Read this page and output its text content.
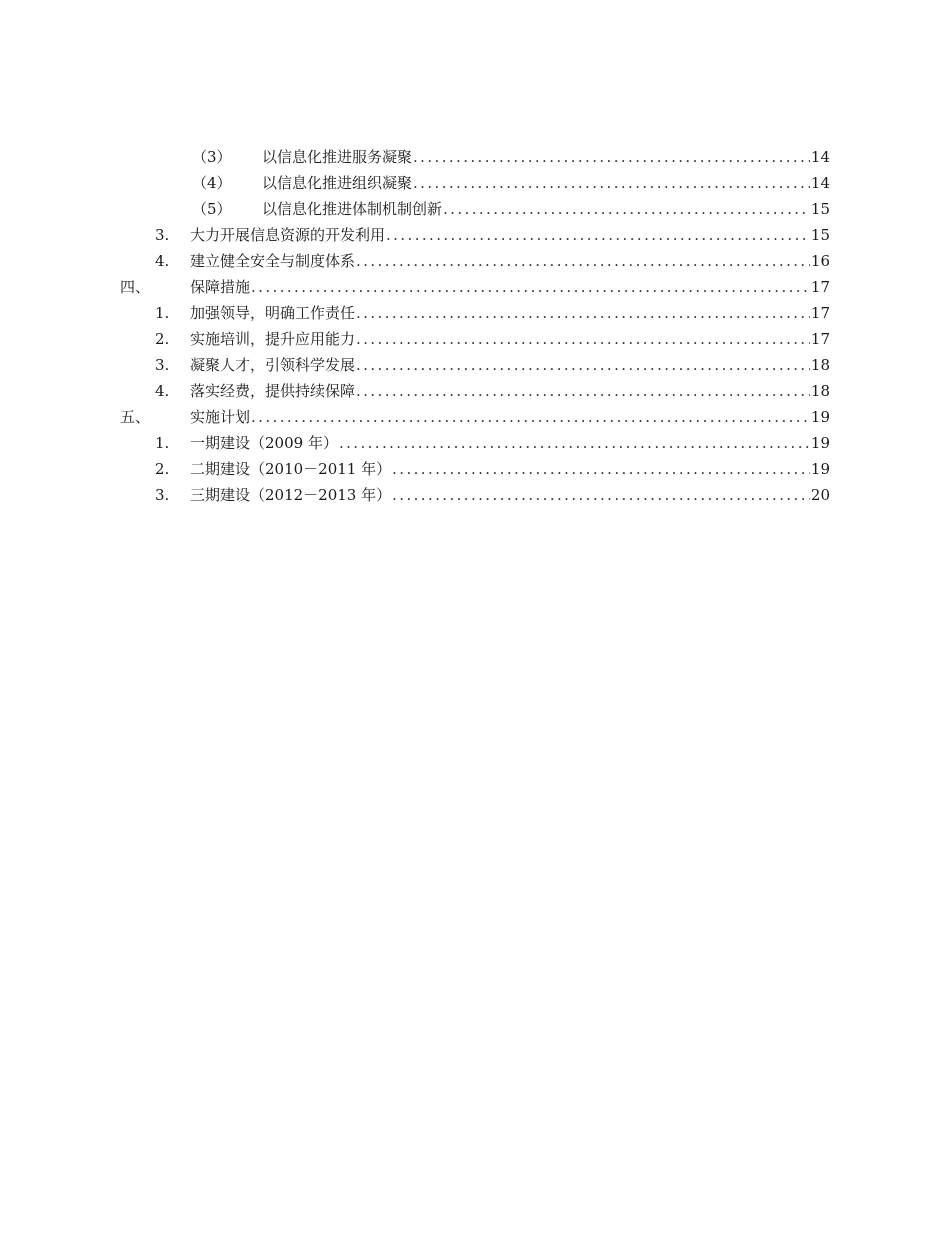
（3） 以信息化推进服务凝聚 .....	14
（4） 以信息化推进组织凝聚 .....	14
（5） 以信息化推进体制机制创新 .....	15
3. 大力开展信息资源的开发利用 .....	15
4. 建立健全安全与制度体系 .....	16
四、	保障措施 .....	17
1. 加强领导，明确工作责任 .....	17
2. 实施培训，提升应用能力 .....	17
3. 凝聚人才，引领科学发展 .....	18
4. 落实经费，提供持续保障 .....	18
五、	实施计划 .....	19
1. 一期建设（2009 年） .....	19
2. 二期建设（2010－2011 年） .....	19
3. 三期建设（2012－2013 年） .....	20
